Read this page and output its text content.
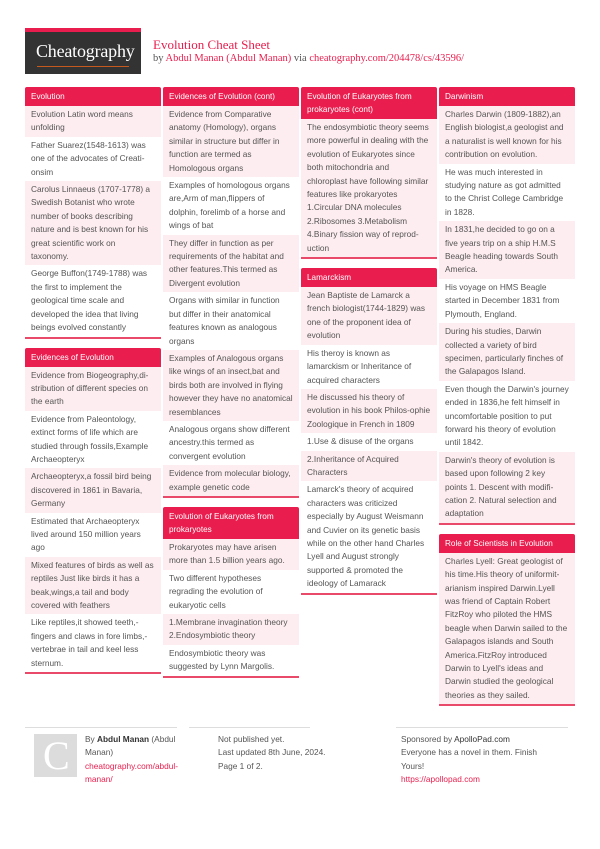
Cheatography Evolution Cheat Sheet
by Abdul Manan (Abdul Manan) via cheatography.com/204478/cs/43596/
Evolution
Evolution Latin word means unfolding
Father Suarez(1548-1613) was one of the advocates of Creati-onsim
Carolus Linnaeus (1707-1778) a Swedish Botanist who wrote number of books describing nature and is best known for his great scientific work on taxonomy.
George Buffon(1749-1788) was the first to implement the geological time scale and developed the idea that living beings evolved constantly
Evidences of Evolution
Evidence from Biogeography,di-stribution of different species on the earth
Evidence from Paleontology, extinct forms of life which are studied through fossils,Example Archaeopteryx
Archaeopteryx,a fossil bird being discovered in 1861 in Bavaria, Germany
Estimated that Archaeopteryx lived around 150 million years ago
Mixed features of birds as well as reptiles Just like birds it has a beak,wings,a tail and body covered with feathers
Like reptiles,it showed teeth,-fingers and claws in fore limbs,-vertebrae in tail and keel less sternum.
Evidences of Evolution (cont)
Evidence from Comparative anatomy (Homology), organs similar in structure but differ in function are termed as Homologous organs
Examples of homologous organs are,Arm of man,flippers of dolphin, forelimb of a horse and wings of bat
They differ in function as per requirements of the habitat and other features.This termed as Divergent evolution
Organs with similar in function but differ in their anatomical features known as analogous organs
Examples of Analogous organs like wings of an insect,bat and birds both are involved in flying however they have no anatomical resemblances
Analogous organs show different ancestry.this termed as convergent evolution
Evidence from molecular biology, example genetic code
Evolution of Eukaryotes from prokaryotes
Prokaryotes may have arisen more than 1.5 billion years ago.
Two different hypotheses regrading the evolution of eukaryotic cells
1.Membrane invagination theory 2.Endosymbiotic theory
Endosymbiotic theory was suggested by Lynn Margolis.
Evolution of Eukaryotes from prokaryotes (cont)
The endosymbiotic theory seems more powerful in dealing with the evolution of Eukaryotes since both mitochondria and chloroplast have following similar features like prokaryotes 1.Circular DNA molecules 2.Ribosomes 3.Metabolism 4.Binary fission way of reprod-uction
Lamarckism
Jean Baptiste de Lamarck a french biologist(1744-1829) was one of the proponent idea of evolution
His theroy is known as lamarckism or Inheritance of acquired characters
He discussed his theory of evolution in his book Philos-ophie Zoologique in French in 1809
1.Use & disuse of the organs
2.Inheritance of Acquired Characters
Lamarck's theory of acquired characters was criticized especially by August Weismann and Cuvier on its genetic basis while on the other hand Charles Lyell and August strongly supported & promoted the ideology of Lamarack
Darwinism
Charles Darwin (1809-1882),an English biologist,a geologist and a naturalist is well known for his contribution on evolution.
He was much interested in studying nature as got admitted to the Christ College Cambridge in 1828.
In 1831,he decided to go on a five years trip on a ship H.M.S Beagle heading towards South America.
His voyage on HMS Beagle started in December 1831 from Plymouth, England.
During his studies, Darwin collected a variety of bird specimen, particularly finches of the Galapagos Island.
Even though the Darwin's journey ended in 1836,he felt himself in uncomfortable position to put forward his theory of evolution until 1842.
Darwin's theory of evolution is based upon following 2 key points 1. Descent with modifi-cation 2. Natural selection and adaptation
Role of Scientists in Evolution
Charles Lyell: Great geologist of his time.His theory of uniformit-arianism inspired Darwin.Lyell was friend of Captain Robert FitzRoy who piloted the HMS beagle when Darwin sailed to the Galapagos islands and South America.FitzRoy introduced Darwin to Lyell's ideas and Darwin studied the geological theories as they sailed.
C By Abdul Manan (Abdul Manan)
cheatography.com/abdul-manan/
Not published yet.
Last updated 8th June, 2024.
Page 1 of 2.
Sponsored by ApolloPad.com
Everyone has a novel in them. Finish Yours!
https://apollopad.com
